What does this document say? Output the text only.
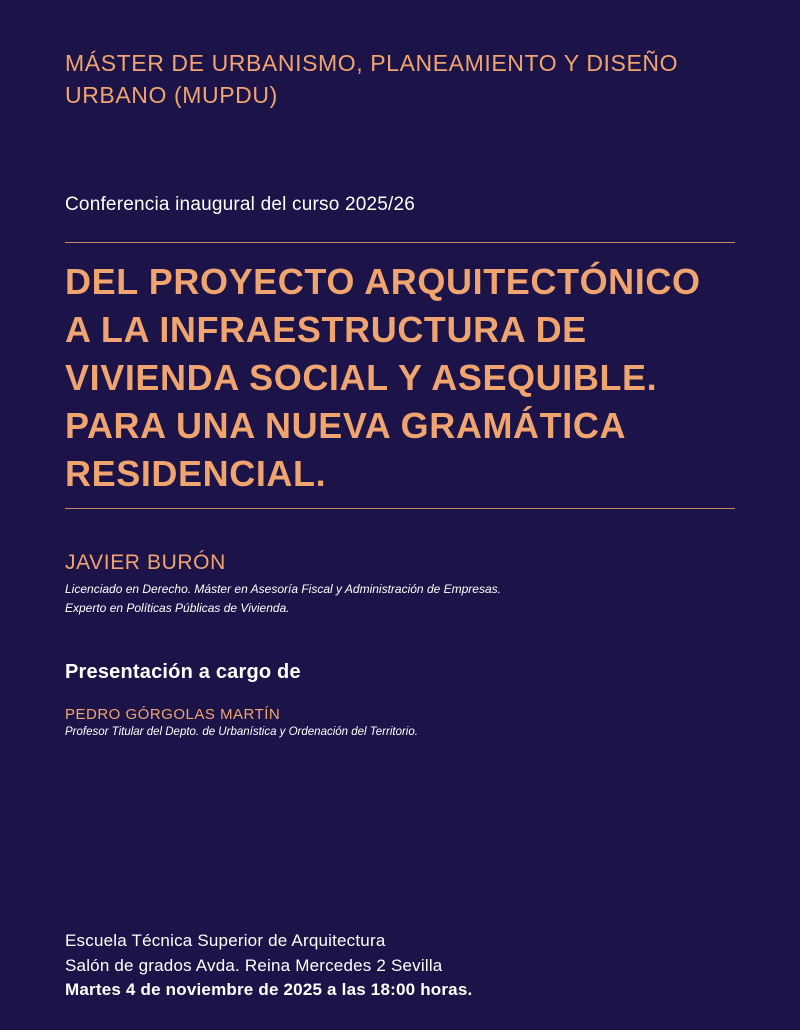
MÁSTER DE URBANISMO, PLANEAMIENTO Y DISEÑO
URBANO (MUPDU)

Conferencia inaugural del curso 2025/26

DEL PROYECTO ARQUITECTÓNICO
A LA INFRAESTRUCTURA DE
VIVIENDA SOCIAL Y ASEQUIBLE.
PARA UNA NUEVA GRAMÁTICA
RESIDENCIAL.

JAVIER BURÓN

Licenciado en Derecho. Máster en Asesoría Fiscal y Administración de Empresas.
Experto en Políticas Públicas de Vivienda.

Presentación a cargo de

PEDRO GÓRGOLAS MARTÍN

Profesor Titular del Depto. de Urbanística y Ordenación del Territorio.

Escuela Técnica Superior de Arquitectura
Salón de grados Avda. Reina Mercedes 2 Sevilla
Martes 4 de noviembre de 2025 a las 18:00 horas.
